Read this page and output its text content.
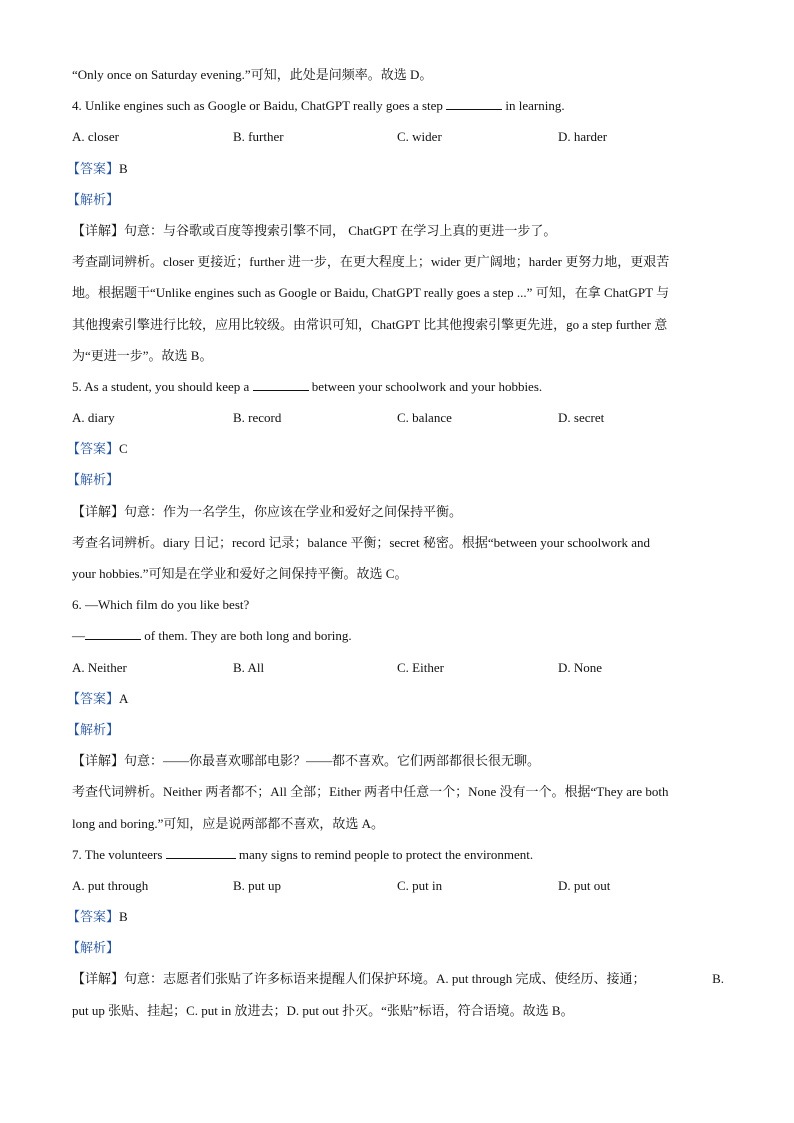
“Only once on Saturday evening.”可知，此处是问频率。故选 D。
4. Unlike engines such as Google or Baidu, ChatGPT really goes a step	in learning.
A. closer	B. further	C. wider	D. harder
【答案】B
【解析】
【详解】句意：与谷歌或百度等搜索引擎不同， ChatGPT 在学习上真的更进一步了。
考查副词辨析。closer 更接近；further 进一步，在更大程度上；wider 更广阔地；harder 更努力地，更艰苦
地。根据题干“Unlike engines such as Google or Baidu, ChatGPT really goes a step ...” 可知，在拿 ChatGPT 与
其他搜索引擎进行比较，应用比较级。由常识可知，ChatGPT 比其他搜索引擎更先进，go a step further 意
为“更进一步”。故选 B。
5. As a student, you should keep a	between your schoolwork and your hobbies.
A. diary	B. record	C. balance	D. secret
【答案】C
【解析】
【详解】句意：作为一名学生，你应该在学业和爱好之间保持平衡。
考查名词辨析。diary 日记；record 记录；balance 平衡；secret 秘密。根据“between your schoolwork and
your hobbies.”可知是在学业和爱好之间保持平衡。故选 C。
6. —Which film do you like best?
—	of them. They are both long and boring.
A. Neither	B. All	C. Either	D. None
【答案】A
【解析】
【详解】句意：——你最喜欢哪部电影？——都不喜欢。它们两部都很长很无聊。
考查代词辨析。Neither 两者都不；All 全部；Either 两者中任意一个；None 没有一个。根据“They are both
long and boring.”可知，应是说两部都不喜欢，故选 A。
7. The volunteers	many signs to remind people to protect the environment.
A. put through	B. put up	C. put in	D. put out
【答案】B
【解析】
【详解】句意：志愿者们张贴了许多标语来提醒人们保护环境。A. put through 完成、使经历、接通；	B.
put up 张贴、挂起；C. put in 放进去；D. put out 扑灭。“张贴”标语，符合语境。故选 B。
